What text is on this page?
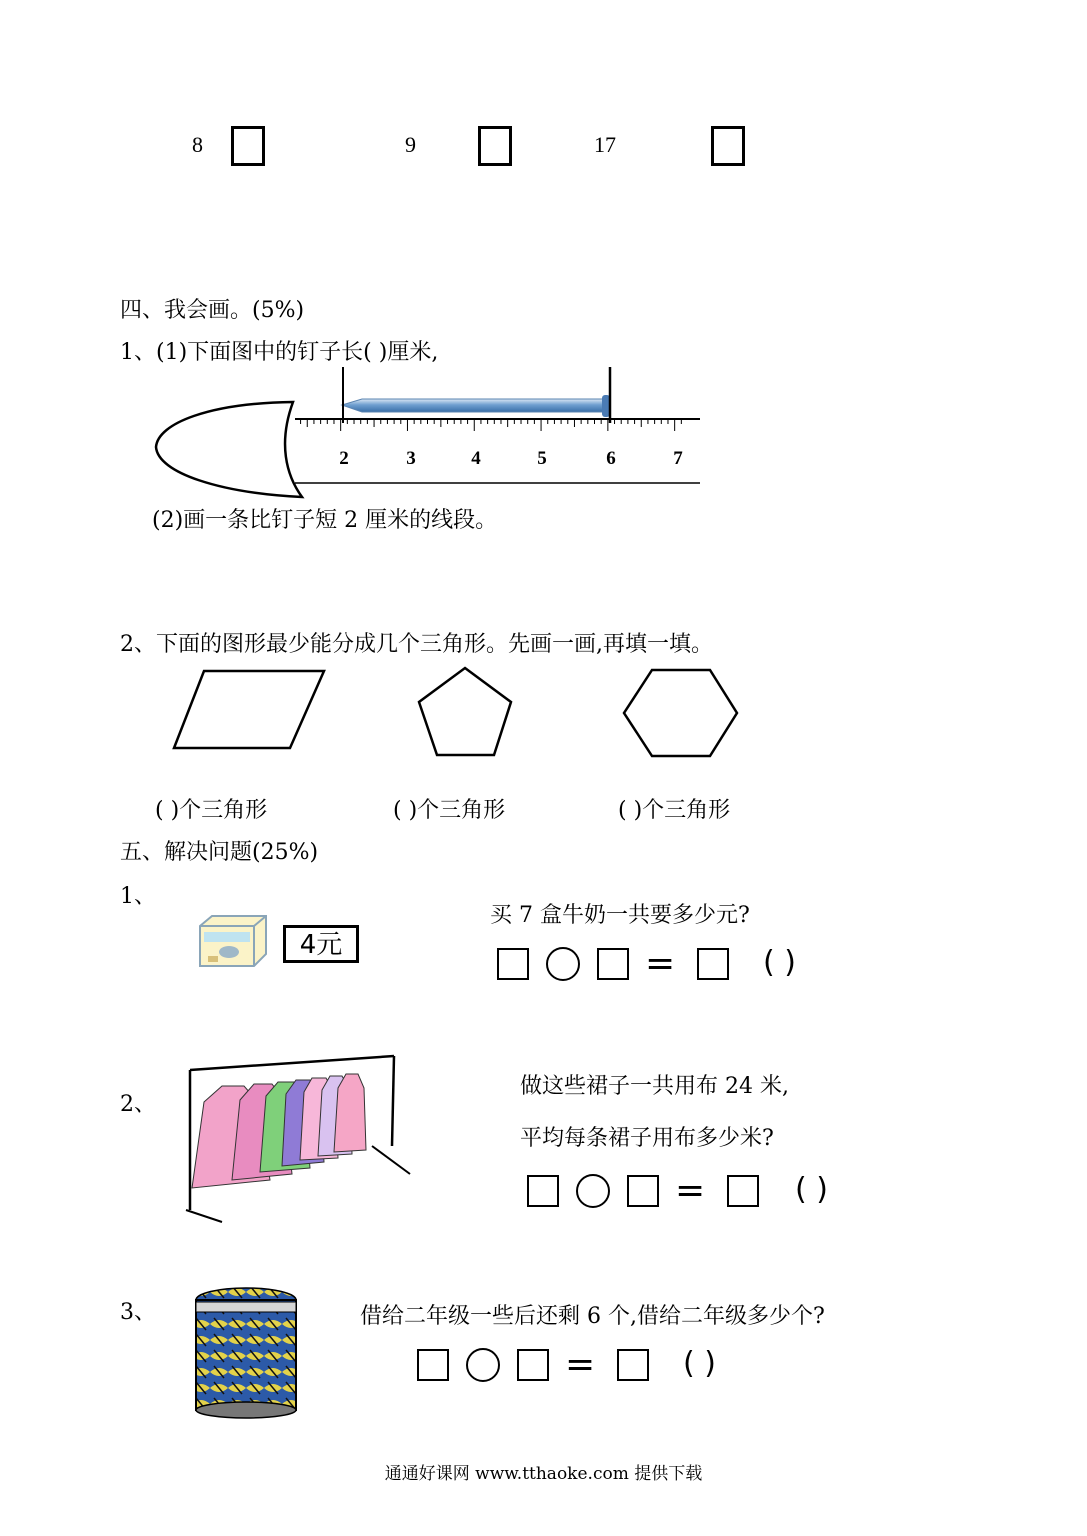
8	9	17
四、我会画。(5%)
1、(1)下面图中的钉子长( )厘米,
2	3	4	5	6	7
(2)画一条比钉子短 2 厘米的线段。
2、下面的图形最少能分成几个三角形。先画一画,再填一填。
( )个三角形	( )个三角形	( )个三角形
五、解决问题(25%)
1、
4元
买 7 盒牛奶一共要多少元?
=	( )
2、
做这些裙子一共用布 24 米,
平均每条裙子用布多少米?
=	( )
3、	借给二年级一些后还剩 6 个,借给二年级多少个?
=	( )
通通好课网 www.tthaoke.com 提供下载
